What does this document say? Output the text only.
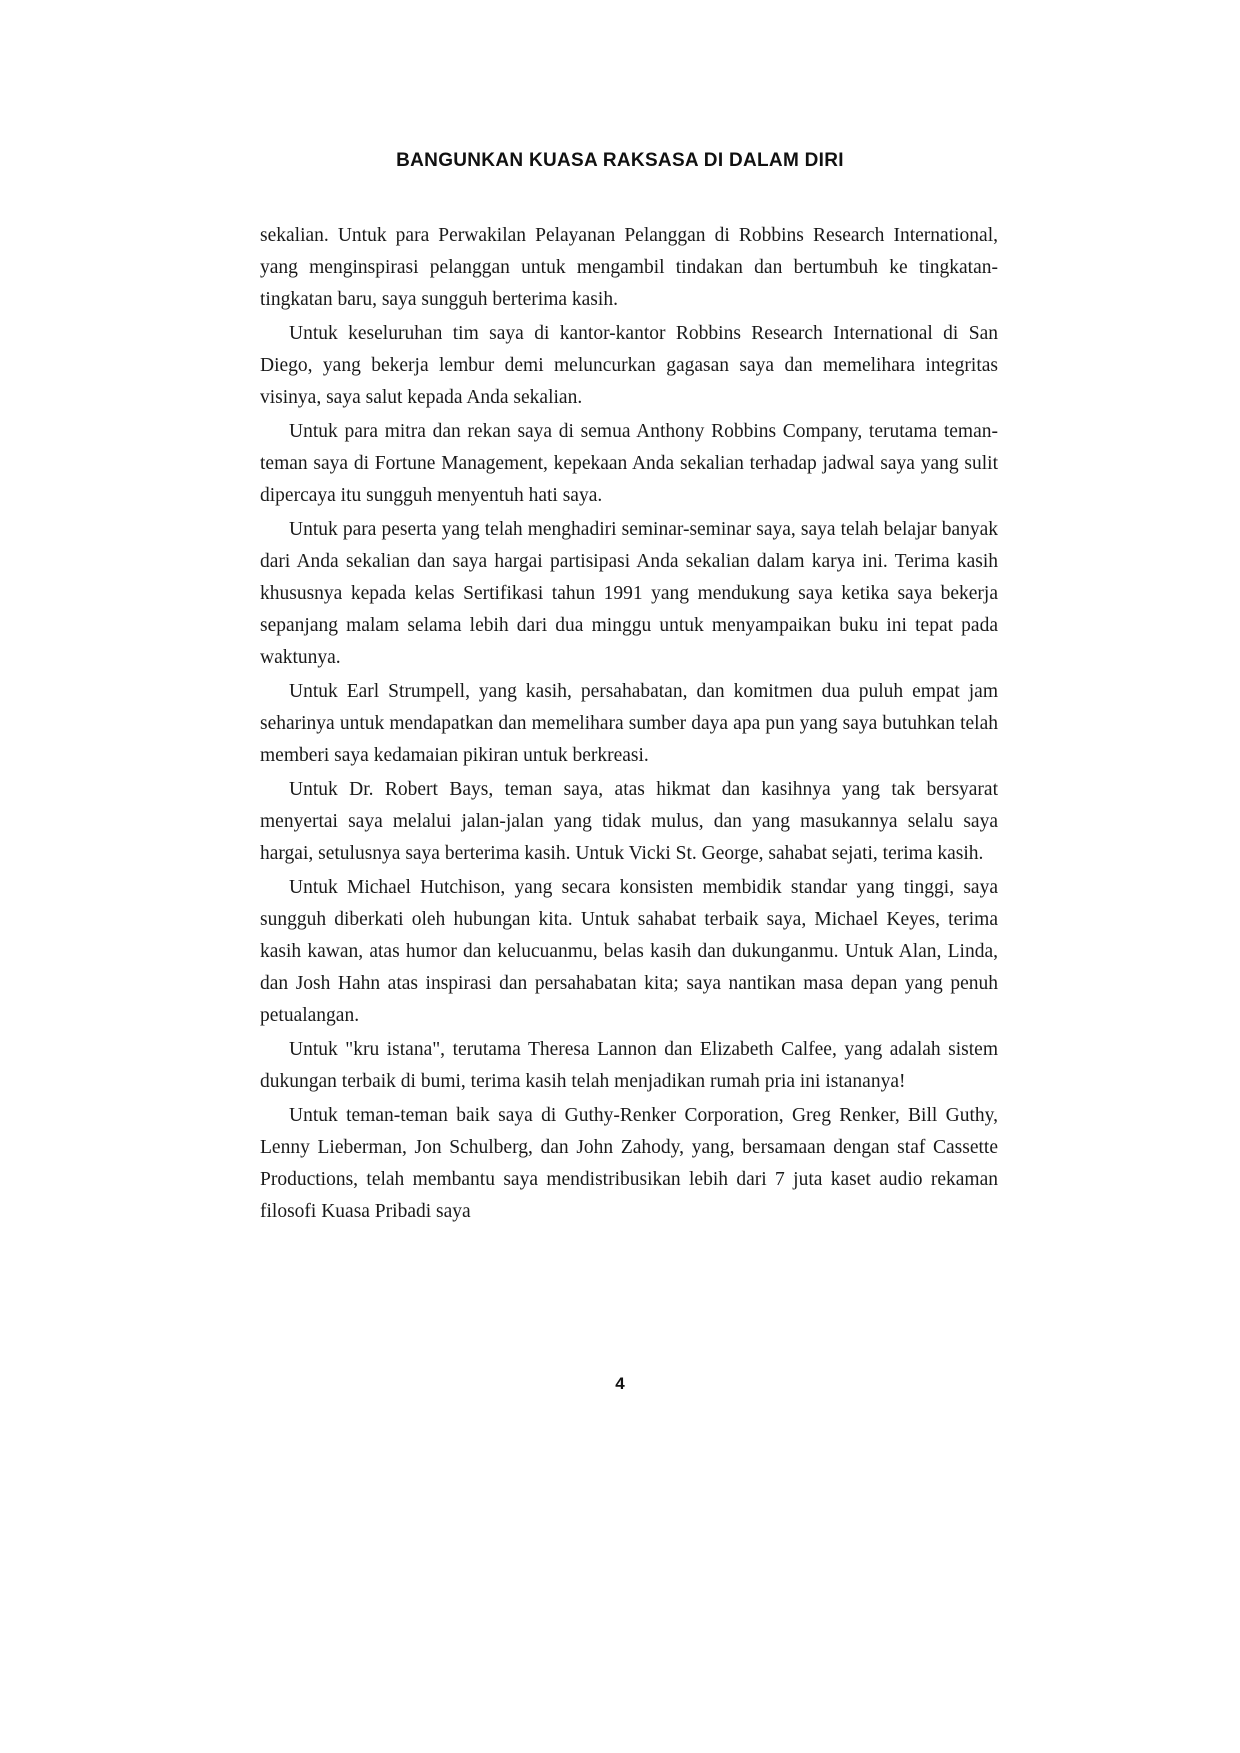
BANGUNKAN KUASA RAKSASA DI DALAM DIRI

sekalian. Untuk para Perwakilan Pelayanan Pelanggan di Robbins Research International, yang menginspirasi pelanggan untuk mengambil tindakan dan bertumbuh ke tingkatan-tingkatan baru, saya sungguh berterima kasih.

Untuk keseluruhan tim saya di kantor-kantor Robbins Research International di San Diego, yang bekerja lembur demi meluncurkan gagasan saya dan memelihara integritas visinya, saya salut kepada Anda sekalian.

Untuk para mitra dan rekan saya di semua Anthony Robbins Company, terutama teman-teman saya di Fortune Management, kepekaan Anda sekalian terhadap jadwal saya yang sulit dipercaya itu sungguh menyentuh hati saya.

Untuk para peserta yang telah menghadiri seminar-seminar saya, saya telah belajar banyak dari Anda sekalian dan saya hargai partisipasi Anda sekalian dalam karya ini. Terima kasih khususnya kepada kelas Sertifikasi tahun 1991 yang mendukung saya ketika saya bekerja sepanjang malam selama lebih dari dua minggu untuk menyampaikan buku ini tepat pada waktunya.

Untuk Earl Strumpell, yang kasih, persahabatan, dan komitmen dua puluh empat jam seharinya untuk mendapatkan dan memelihara sumber daya apa pun yang saya butuhkan telah memberi saya kedamaian pikiran untuk berkreasi.

Untuk Dr. Robert Bays, teman saya, atas hikmat dan kasihnya yang tak bersyarat menyertai saya melalui jalan-jalan yang tidak mulus, dan yang masukannya selalu saya hargai, setulusnya saya berterima kasih. Untuk Vicki St. George, sahabat sejati, terima kasih.

Untuk Michael Hutchison, yang secara konsisten membidik standar yang tinggi, saya sungguh diberkati oleh hubungan kita. Untuk sahabat terbaik saya, Michael Keyes, terima kasih kawan, atas humor dan kelucuanmu, belas kasih dan dukunganmu. Untuk Alan, Linda, dan Josh Hahn atas inspirasi dan persahabatan kita; saya nantikan masa depan yang penuh petualangan.

Untuk "kru istana", terutama Theresa Lannon dan Elizabeth Calfee, yang adalah sistem dukungan terbaik di bumi, terima kasih telah menjadikan rumah pria ini istananya!

Untuk teman-teman baik saya di Guthy-Renker Corporation, Greg Renker, Bill Guthy, Lenny Lieberman, Jon Schulberg, dan John Zahody, yang, bersamaan dengan staf Cassette Productions, telah membantu saya mendistribusikan lebih dari 7 juta kaset audio rekaman filosofi Kuasa Pribadi saya

4
